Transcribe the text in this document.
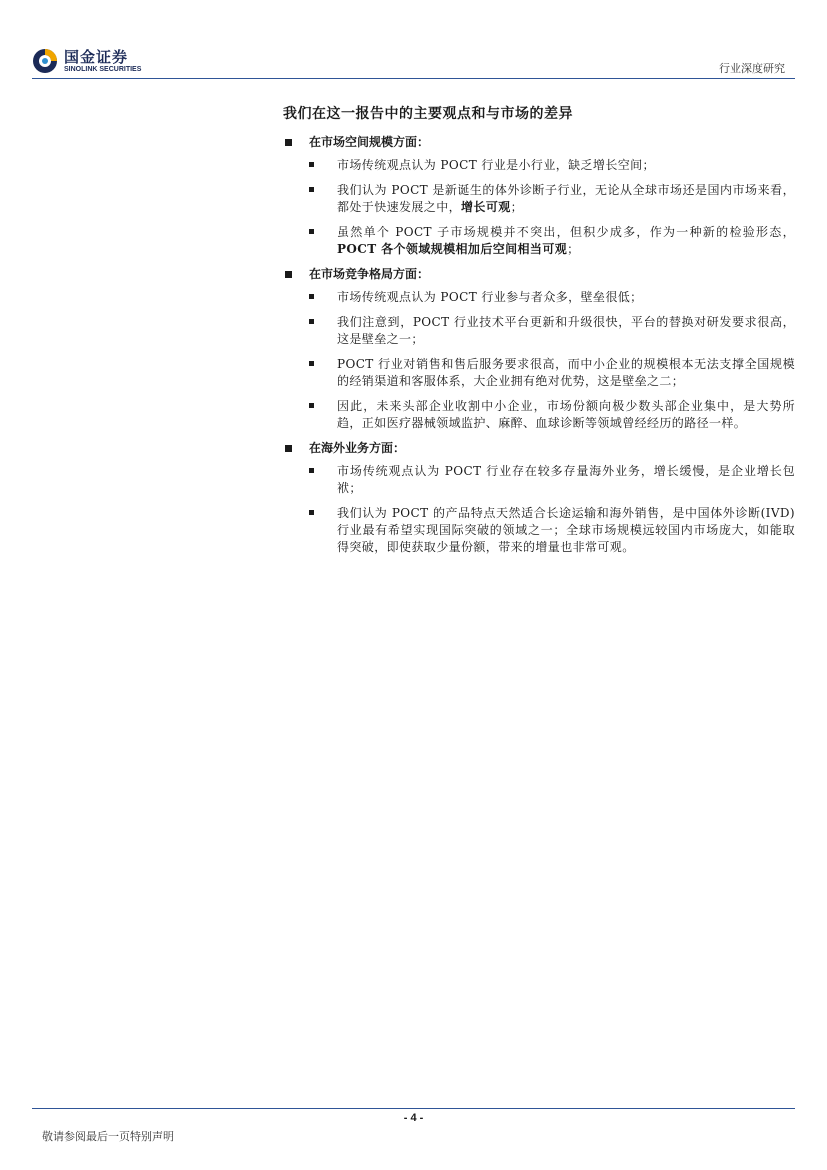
国金证券
SINOLINK SECURITIES	行业深度研究
我们在这一报告中的主要观点和与市场的差异
在市场空间规模方面：
市场传统观点认为 POCT 行业是小行业，缺乏增长空间；
我们认为 POCT 是新诞生的体外诊断子行业，无论从全球市场还是国内市场来看，都处于快速发展之中，增长可观；
虽然单个 POCT 子市场规模并不突出，但积少成多，作为一种新的检验形态，POCT 各个领域规模相加后空间相当可观；
在市场竞争格局方面：
市场传统观点认为 POCT 行业参与者众多，壁垒很低；
我们注意到，POCT 行业技术平台更新和升级很快，平台的替换对研发要求很高，这是壁垒之一；
POCT 行业对销售和售后服务要求很高，而中小企业的规模根本无法支撑全国规模的经销渠道和客服体系，大企业拥有绝对优势，这是壁垒之二；
因此，未来头部企业收割中小企业，市场份额向极少数头部企业集中，是大势所趋，正如医疗器械领域监护、麻醉、血球诊断等领域曾经经历的路径一样。
在海外业务方面：
市场传统观点认为 POCT 行业存在较多存量海外业务，增长缓慢，是企业增长包袱；
我们认为 POCT 的产品特点天然适合长途运输和海外销售，是中国体外诊断(IVD)行业最有希望实现国际突破的领域之一；全球市场规模远较国内市场庞大，如能取得突破，即使获取少量份额，带来的增量也非常可观。
- 4 -
敬请参阅最后一页特别声明
